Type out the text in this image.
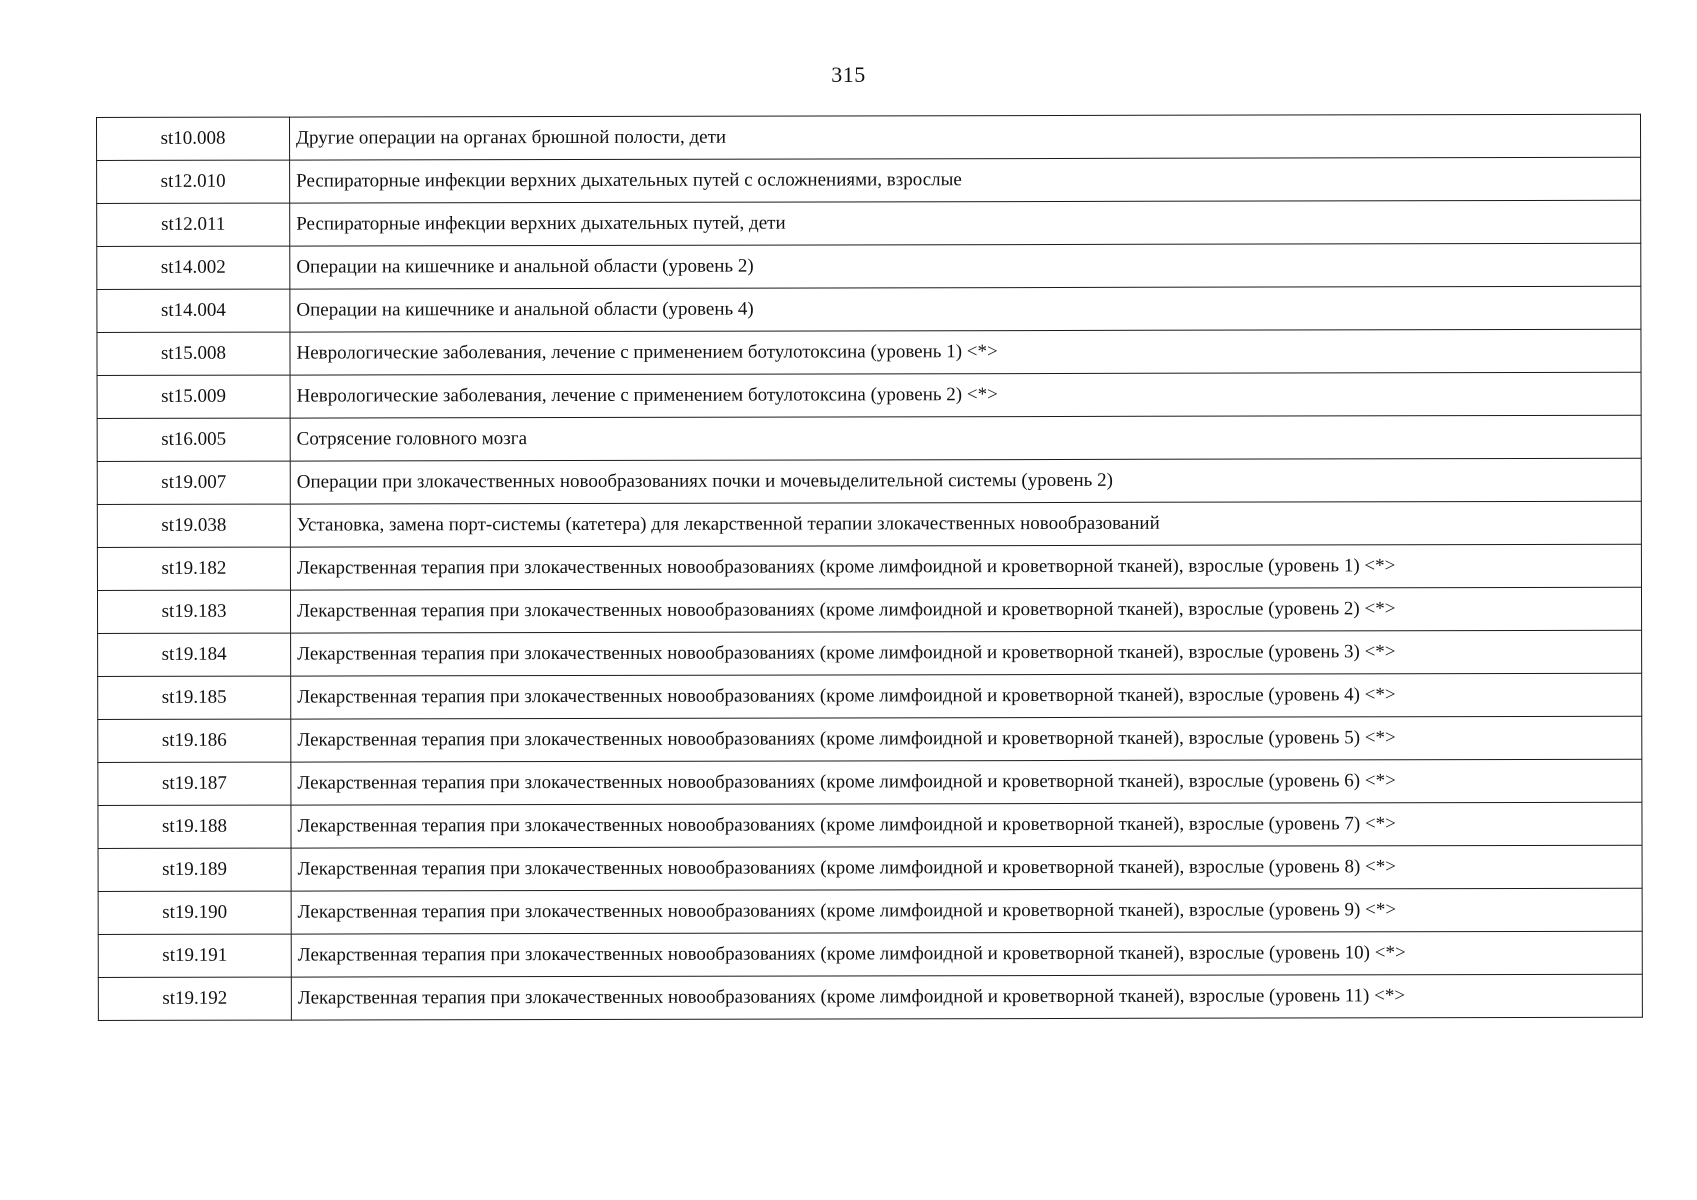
315
st10.008	Другие операции на органах брюшной полости, дети
st12.010	Респираторные инфекции верхних дыхательных путей с осложнениями, взрослые
st12.011	Респираторные инфекции верхних дыхательных путей, дети
st14.002	Операции на кишечнике и анальной области (уровень 2)
st14.004	Операции на кишечнике и анальной области (уровень 4)
st15.008	Неврологические заболевания, лечение с применением ботулотоксина (уровень 1) <*>
st15.009	Неврологические заболевания, лечение с применением ботулотоксина (уровень 2) <*>
st16.005	Сотрясение головного мозга
st19.007	Операции при злокачественных новообразованиях почки и мочевыделительной системы (уровень 2)
st19.038	Установка, замена порт-системы (катетера) для лекарственной терапии злокачественных новообразований
st19.182	Лекарственная терапия при злокачественных новообразованиях (кроме лимфоидной и кроветворной тканей), взрослые (уровень 1) <*>
st19.183	Лекарственная терапия при злокачественных новообразованиях (кроме лимфоидной и кроветворной тканей), взрослые (уровень 2) <*>
st19.184	Лекарственная терапия при злокачественных новообразованиях (кроме лимфоидной и кроветворной тканей), взрослые (уровень 3) <*>
st19.185	Лекарственная терапия при злокачественных новообразованиях (кроме лимфоидной и кроветворной тканей), взрослые (уровень 4) <*>
st19.186	Лекарственная терапия при злокачественных новообразованиях (кроме лимфоидной и кроветворной тканей), взрослые (уровень 5) <*>
st19.187	Лекарственная терапия при злокачественных новообразованиях (кроме лимфоидной и кроветворной тканей), взрослые (уровень 6) <*>
st19.188	Лекарственная терапия при злокачественных новообразованиях (кроме лимфоидной и кроветворной тканей), взрослые (уровень 7) <*>
st19.189	Лекарственная терапия при злокачественных новообразованиях (кроме лимфоидной и кроветворной тканей), взрослые (уровень 8) <*>
st19.190	Лекарственная терапия при злокачественных новообразованиях (кроме лимфоидной и кроветворной тканей), взрослые (уровень 9) <*>
st19.191	Лекарственная терапия при злокачественных новообразованиях (кроме лимфоидной и кроветворной тканей), взрослые (уровень 10) <*>
st19.192	Лекарственная терапия при злокачественных новообразованиях (кроме лимфоидной и кроветворной тканей), взрослые (уровень 11) <*>
